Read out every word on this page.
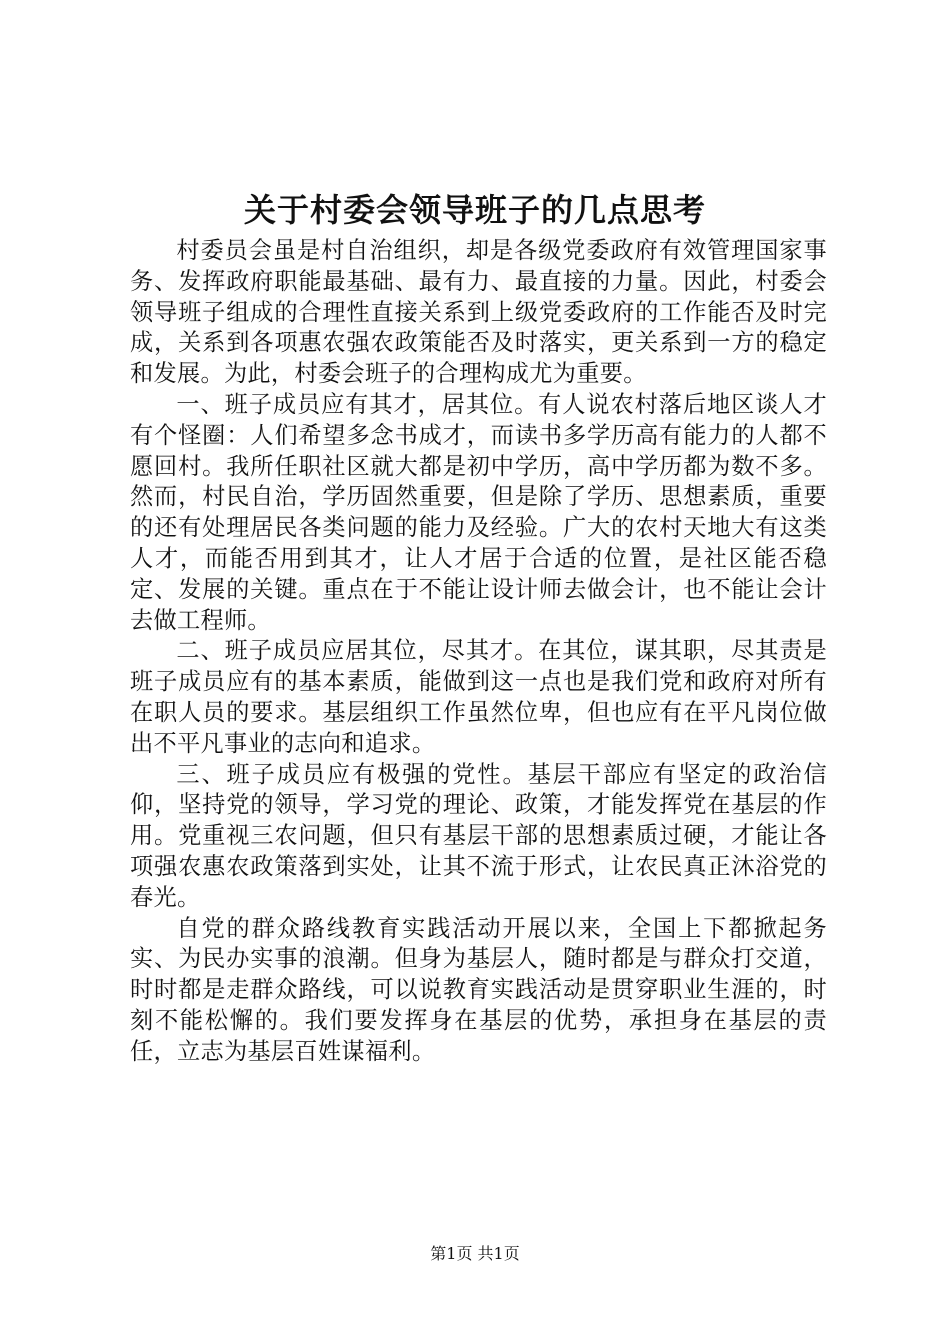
关于村委会领导班子的几点思考

村委员会虽是村自治组织，却是各级党委政府有效管理国家事务、发挥政府职能最基础、最有力、最直接的力量。因此，村委会领导班子组成的合理性直接关系到上级党委政府的工作能否及时完成，关系到各项惠农强农政策能否及时落实，更关系到一方的稳定和发展。为此，村委会班子的合理构成尤为重要。

一、班子成员应有其才，居其位。有人说农村落后地区谈人才有个怪圈：人们希望多念书成才，而读书多学历高有能力的人都不愿回村。我所任职社区就大都是初中学历，高中学历都为数不多。然而，村民自治，学历固然重要，但是除了学历、思想素质，重要的还有处理居民各类问题的能力及经验。广大的农村天地大有这类人才，而能否用到其才，让人才居于合适的位置，是社区能否稳定、发展的关键。重点在于不能让设计师去做会计，也不能让会计去做工程师。

二、班子成员应居其位，尽其才。在其位，谋其职，尽其责是班子成员应有的基本素质，能做到这一点也是我们党和政府对所有在职人员的要求。基层组织工作虽然位卑，但也应有在平凡岗位做出不平凡事业的志向和追求。

三、班子成员应有极强的党性。基层干部应有坚定的政治信仰，坚持党的领导，学习党的理论、政策，才能发挥党在基层的作用。党重视三农问题，但只有基层干部的思想素质过硬，才能让各项强农惠农政策落到实处，让其不流于形式，让农民真正沐浴党的春光。

自党的群众路线教育实践活动开展以来，全国上下都掀起务实、为民办实事的浪潮。但身为基层人，随时都是与群众打交道，时时都是走群众路线，可以说教育实践活动是贯穿职业生涯的，时刻不能松懈的。我们要发挥身在基层的优势，承担身在基层的责任，立志为基层百姓谋福利。

第1页 共1页
